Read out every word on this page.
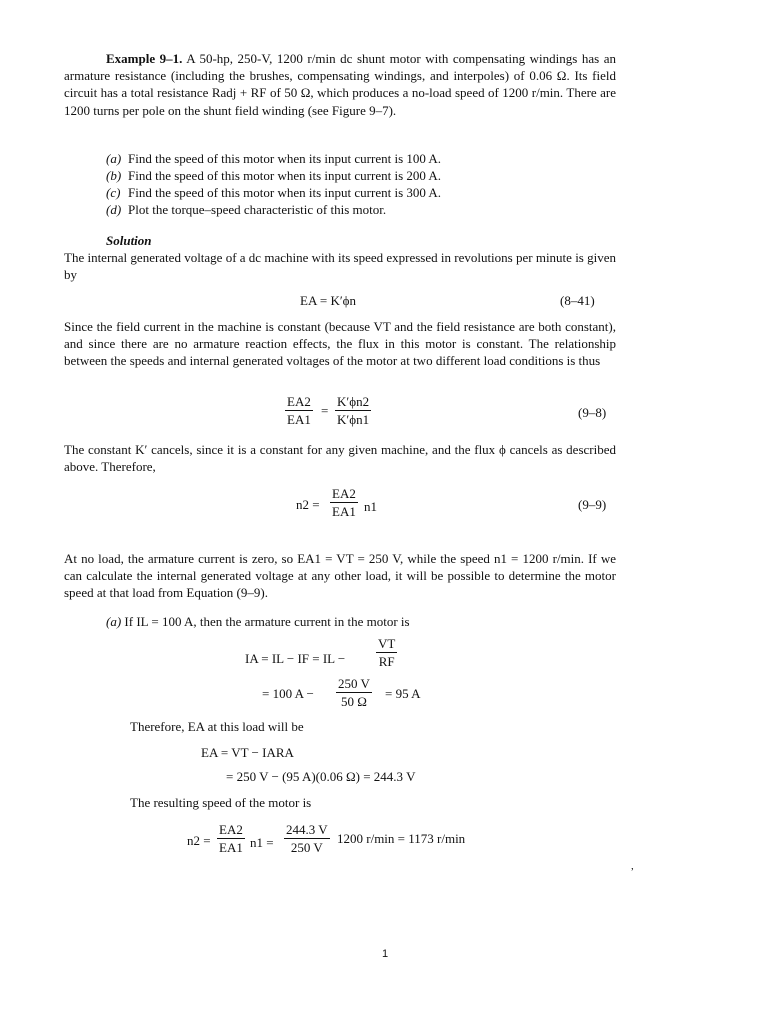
Example 9–1. A 50-hp, 250-V, 1200 r/min dc shunt motor with compensating windings has an armature resistance (including the brushes, compensating windings, and interpoles) of 0.06 Ω. Its field circuit has a total resistance Radj + RF of 50 Ω, which produces a no-load speed of 1200 r/min. There are 1200 turns per pole on the shunt field winding (see Figure 9–7).
(a) Find the speed of this motor when its input current is 100 A.
(b) Find the speed of this motor when its input current is 200 A.
(c) Find the speed of this motor when its input current is 300 A.
(d) Plot the torque–speed characteristic of this motor.
Solution
The internal generated voltage of a dc machine with its speed expressed in revolutions per minute is given by
EA = K′ϕn	(8–41)
Since the field current in the machine is constant (because VT and the field resistance are both constant), and since there are no armature reaction effects, the flux in this motor is constant. The relationship between the speeds and internal generated voltages of the motor at two different load conditions is thus
$\frac{EA2}{EA1} = \frac{K'\phi n2}{K'\phi n1}$	(9–8)
The constant K′ cancels, since it is a constant for any given machine, and the flux ϕ cancels as described above. Therefore,
$n2 = \frac{EA2}{EA1} n1$	(9–9)
At no load, the armature current is zero, so EA1 = VT = 250 V, while the speed n1 = 1200 r/min. If we can calculate the internal generated voltage at any other load, it will be possible to determine the motor speed at that load from Equation (9–9).
(a) If IL = 100 A, then the armature current in the motor is
IA = IL − IF = IL − $\frac{VT}{RF}$
= 100 $A - \frac{250 V}{50 \Omega} = 95$ A
Therefore, EA at this load will be
EA = VT − IARA
= 250 V − (95 A)(0.06 Ω) = 244.3 V
The resulting speed of the motor is
$n2 = \frac{EA2}{EA1} n1 = \frac{244.3 V}{250 V} 1200$ r/min = 1173 r/min
,
1
